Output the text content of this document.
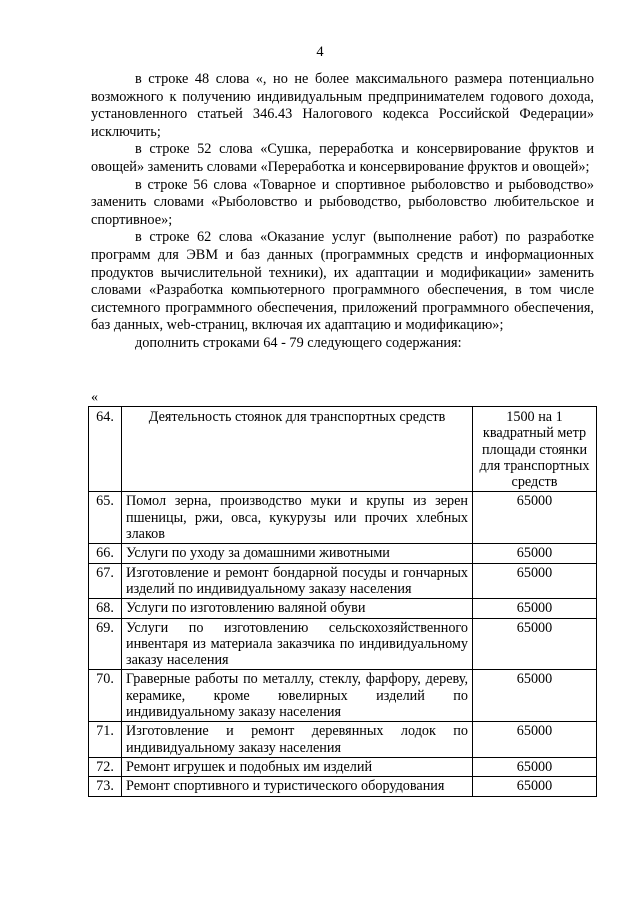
4

в строке 48 слова «, но не более максимального размера потенциально возможного к получению индивидуальным предпринимателем годового дохода, установленного статьей 346.43 Налогового кодекса Российской Федерации» исключить;

в строке 52 слова «Сушка, переработка и консервирование фруктов и овощей» заменить словами «Переработка и консервирование фруктов и овощей»;

в строке 56 слова «Товарное и спортивное рыболовство и рыбоводство» заменить словами «Рыболовство и рыбоводство, рыболовство любительское и спортивное»;

в строке 62 слова «Оказание услуг (выполнение работ) по разработке программ для ЭВМ и баз данных (программных средств и информационных продуктов вычислительной техники), их адаптации и модификации» заменить словами «Разработка компьютерного программного обеспечения, в том числе системного программного обеспечения, приложений программного обеспечения, баз данных, web-страниц, включая их адаптацию и модификацию»;

дополнить строками 64 - 79 следующего содержания:

«
64.	Деятельность стоянок для транспортных средств	1500 на 1 квадратный метр площади стоянки для транспортных средств
65.	Помол зерна, производство муки и крупы из зерен пшеницы, ржи, овса, кукурузы или прочих хлебных злаков	65000
66.	Услуги по уходу за домашними животными	65000
67.	Изготовление и ремонт бондарной посуды и гончарных изделий по индивидуальному заказу населения	65000
68.	Услуги по изготовлению валяной обуви	65000
69.	Услуги по изготовлению сельскохозяйственного инвентаря из материала заказчика по индивидуальному заказу населения	65000
70.	Граверные работы по металлу, стеклу, фарфору, дереву, керамике, кроме ювелирных изделий по индивидуальному заказу населения	65000
71.	Изготовление и ремонт деревянных лодок по индивидуальному заказу населения	65000
72.	Ремонт игрушек и подобных им изделий	65000
73.	Ремонт спортивного и туристического оборудования	65000
